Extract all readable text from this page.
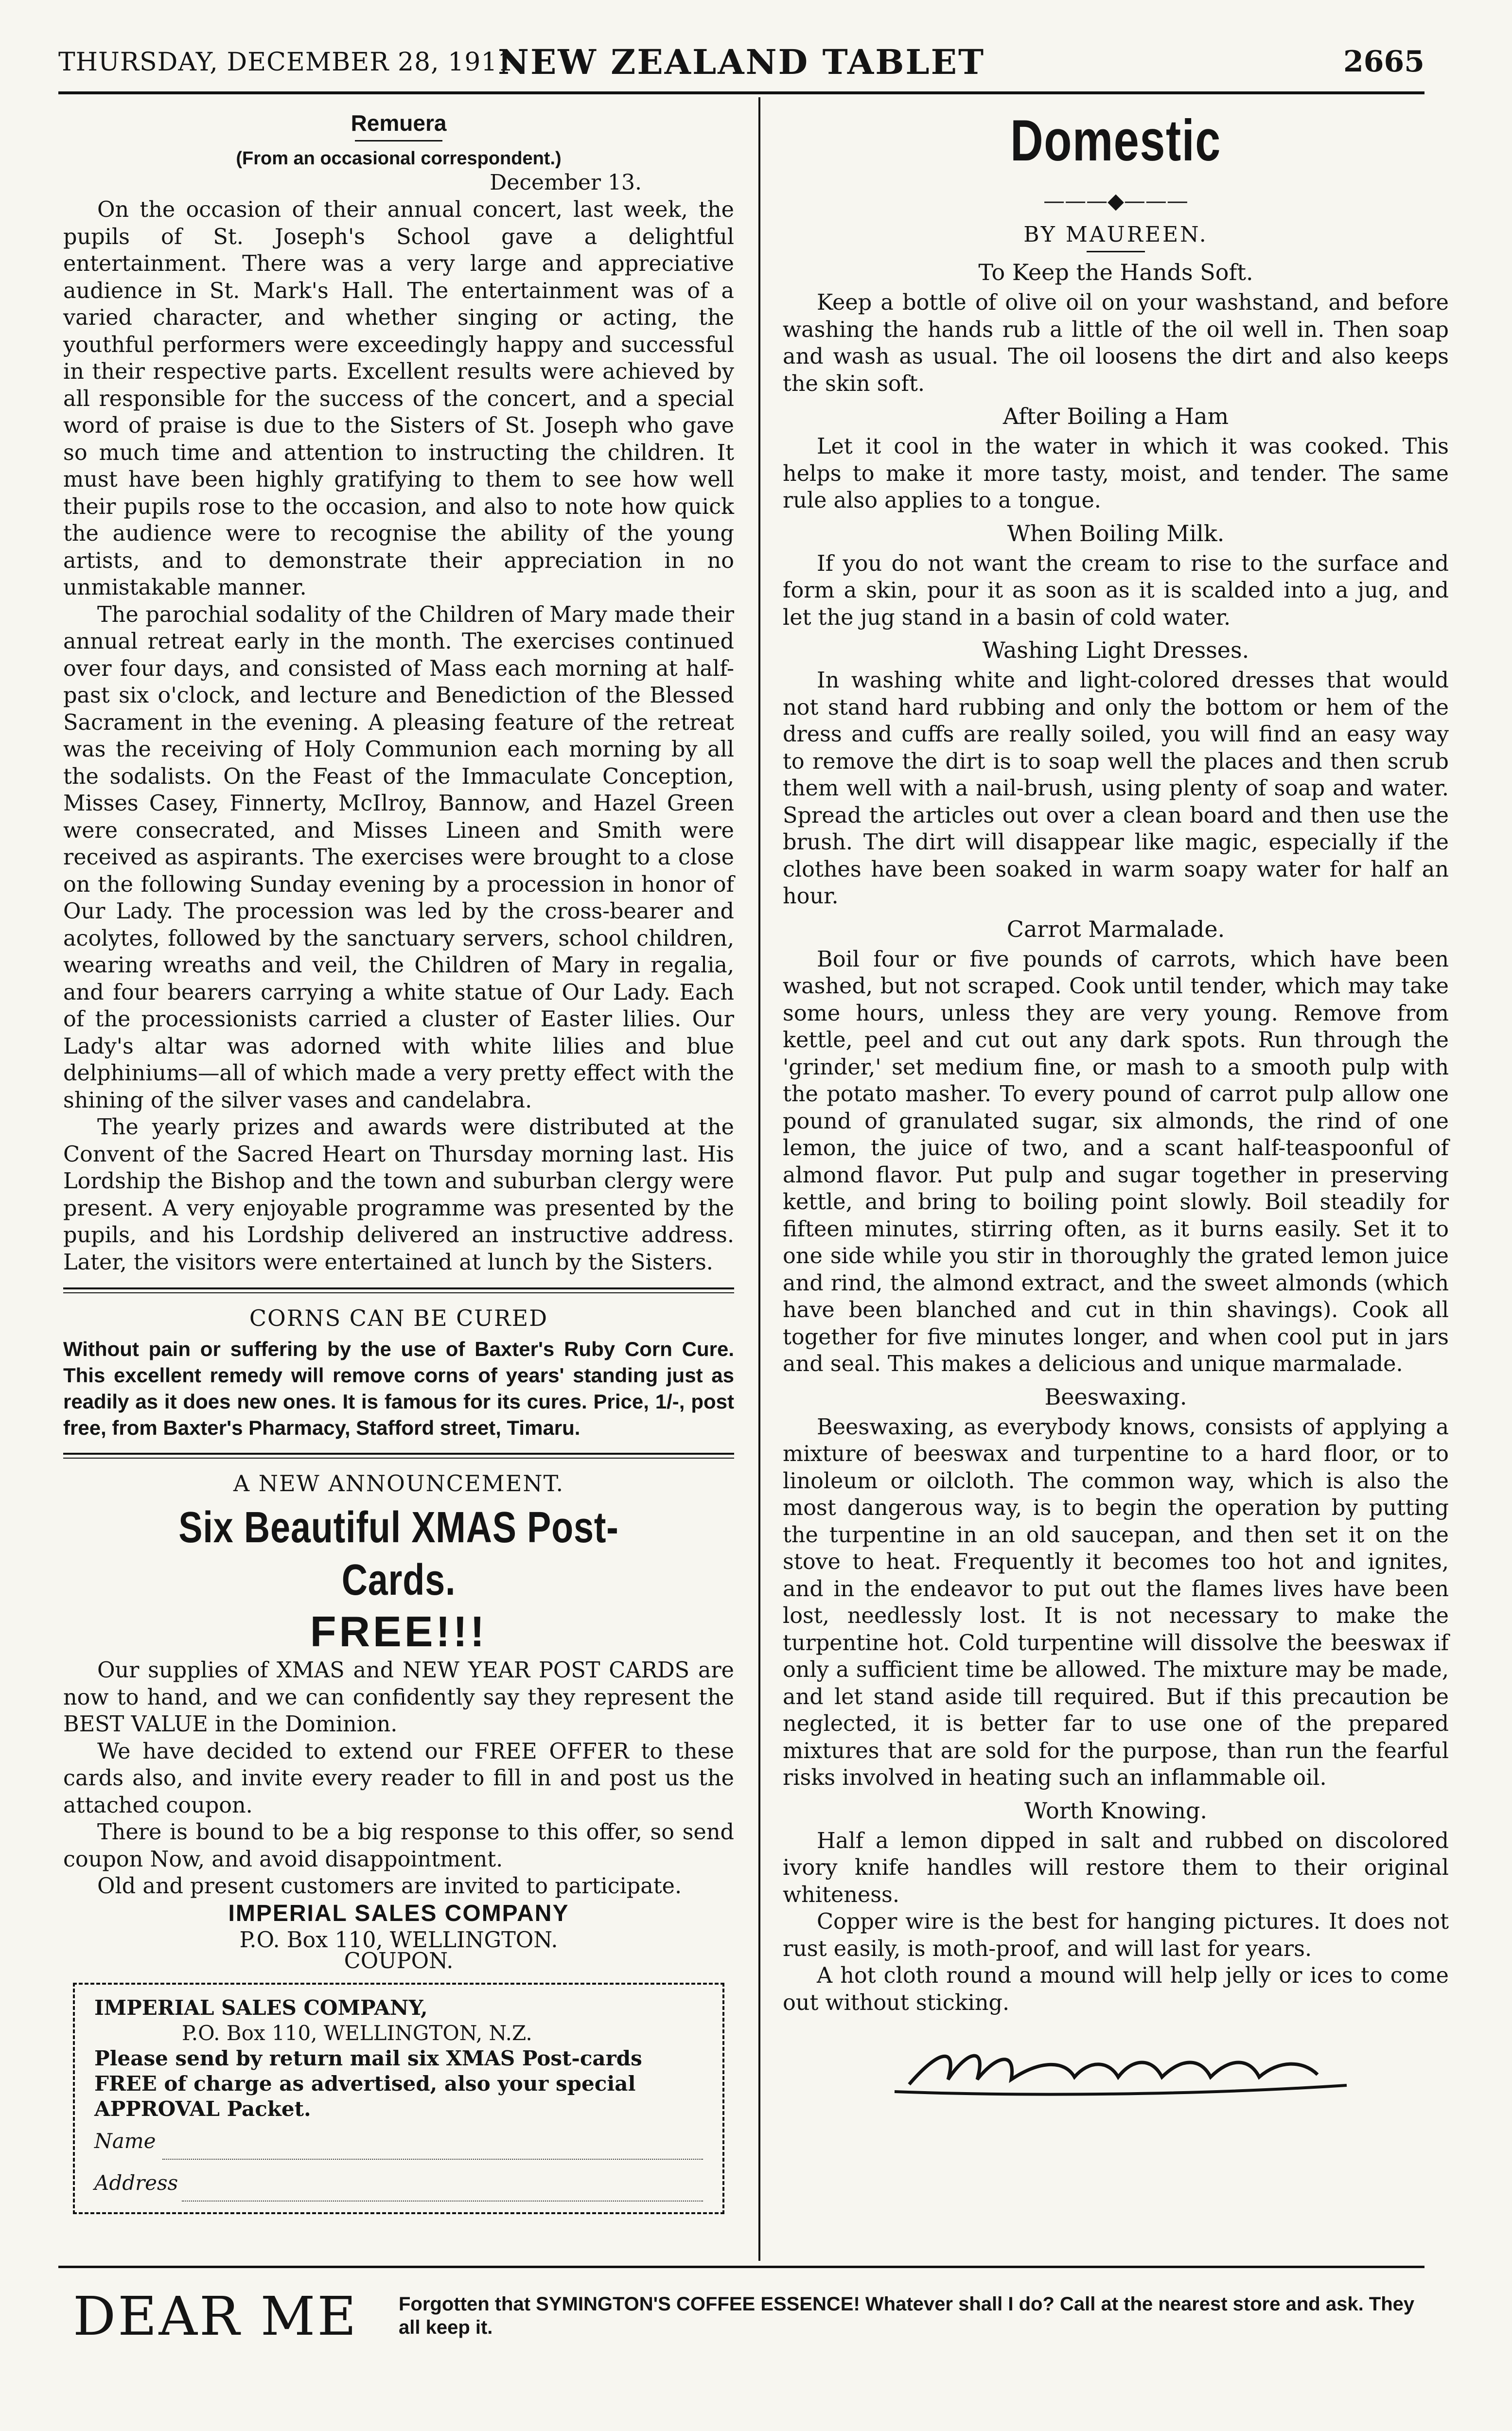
THURSDAY, DECEMBER 28, 1911.
NEW ZEALAND TABLET	2665
Remuera
(From an occasional correspondent.)
December 13.

On the occasion of their annual concert, last week, the pupils of St. Joseph's School gave a delightful entertainment. There was a very large and appreciative audience in St. Mark's Hall. The entertainment was of a varied character, and whether singing or acting, the youthful performers were exceedingly happy and successful in their respective parts. Excellent results were achieved by all responsible for the success of the concert, and a special word of praise is due to the Sisters of St. Joseph who gave so much time and attention to instructing the children. It must have been highly gratifying to them to see how well their pupils rose to the occasion, and also to note how quick the audience were to recognise the ability of the young artists, and to demonstrate their appreciation in no unmistakable manner.

The parochial sodality of the Children of Mary made their annual retreat early in the month. The exercises continued over four days, and consisted of Mass each morning at half-past six o'clock, and lecture and Benediction of the Blessed Sacrament in the evening. A pleasing feature of the retreat was the receiving of Holy Communion each morning by all the sodalists. On the Feast of the Immaculate Conception, Misses Casey, Finnerty, McIlroy, Bannow, and Hazel Green were consecrated, and Misses Lineen and Smith were received as aspirants. The exercises were brought to a close on the following Sunday evening by a procession in honor of Our Lady. The procession was led by the cross-bearer and acolytes, followed by the sanctuary servers, school children, wearing wreaths and veil, the Children of Mary in regalia, and four bearers carrying a white statue of Our Lady. Each of the processionists carried a cluster of Easter lilies. Our Lady's altar was adorned with white lilies and blue delphiniums—all of which made a very pretty effect with the shining of the silver vases and candelabra.

The yearly prizes and awards were distributed at the Convent of the Sacred Heart on Thursday morning last. His Lordship the Bishop and the town and suburban clergy were present. A very enjoyable programme was presented by the pupils, and his Lordship delivered an instructive address. Later, the visitors were entertained at lunch by the Sisters.

CORNS CAN BE CURED

Without pain or suffering by the use of Baxter's Ruby Corn Cure. This excellent remedy will remove corns of years' standing just as readily as it does new ones. It is famous for its cures. Price, 1/-, post free, from Baxter's Pharmacy, Stafford street, Timaru.

A NEW ANNOUNCEMENT.
Six Beautiful XMAS Post-Cards.
FREE!!!

Our supplies of XMAS and NEW YEAR POST CARDS are now to hand, and we can confidently say they represent the BEST VALUE in the Dominion.

We have decided to extend our FREE OFFER to these cards also, and invite every reader to fill in and post us the attached coupon.

There is bound to be a big response to this offer, so send coupon Now, and avoid disappointment.

Old and present customers are invited to participate.

IMPERIAL SALES COMPANY

P.O. Box 110, WELLINGTON.

COUPON.

IMPERIAL SALES COMPANY,

P.O. Box 110, WELLINGTON, N.Z.

Please send by return mail six XMAS Post-cards FREE of charge as advertised, also your special APPROVAL Packet.

Name

Address

Domestic
———◆———
BY MAUREEN.
To Keep the Hands Soft.

Keep a bottle of olive oil on your washstand, and before washing the hands rub a little of the oil well in. Then soap and wash as usual. The oil loosens the dirt and also keeps the skin soft.

After Boiling a Ham

Let it cool in the water in which it was cooked. This helps to make it more tasty, moist, and tender. The same rule also applies to a tongue.

When Boiling Milk.

If you do not want the cream to rise to the surface and form a skin, pour it as soon as it is scalded into a jug, and let the jug stand in a basin of cold water.

Washing Light Dresses.

In washing white and light-colored dresses that would not stand hard rubbing and only the bottom or hem of the dress and cuffs are really soiled, you will find an easy way to remove the dirt is to soap well the places and then scrub them well with a nail-brush, using plenty of soap and water. Spread the articles out over a clean board and then use the brush. The dirt will disappear like magic, especially if the clothes have been soaked in warm soapy water for half an hour.

Carrot Marmalade.

Boil four or five pounds of carrots, which have been washed, but not scraped. Cook until tender, which may take some hours, unless they are very young. Remove from kettle, peel and cut out any dark spots. Run through the 'grinder,' set medium fine, or mash to a smooth pulp with the potato masher. To every pound of carrot pulp allow one pound of granulated sugar, six almonds, the rind of one lemon, the juice of two, and a scant half-teaspoonful of almond flavor. Put pulp and sugar together in preserving kettle, and bring to boiling point slowly. Boil steadily for fifteen minutes, stirring often, as it burns easily. Set it to one side while you stir in thoroughly the grated lemon juice and rind, the almond extract, and the sweet almonds (which have been blanched and cut in thin shavings). Cook all together for five minutes longer, and when cool put in jars and seal. This makes a delicious and unique marmalade.

Beeswaxing.

Beeswaxing, as everybody knows, consists of applying a mixture of beeswax and turpentine to a hard floor, or to linoleum or oilcloth. The common way, which is also the most dangerous way, is to begin the operation by putting the turpentine in an old saucepan, and then set it on the stove to heat. Frequently it becomes too hot and ignites, and in the endeavor to put out the flames lives have been lost, needlessly lost. It is not necessary to make the turpentine hot. Cold turpentine will dissolve the beeswax if only a sufficient time be allowed. The mixture may be made, and let stand aside till required. But if this precaution be neglected, it is better far to use one of the prepared mixtures that are sold for the purpose, than run the fearful risks involved in heating such an inflammable oil.

Worth Knowing.

Half a lemon dipped in salt and rubbed on discolored ivory knife handles will restore them to their original whiteness.

Copper wire is the best for hanging pictures. It does not rust easily, is moth-proof, and will last for years.

A hot cloth round a mound will help jelly or ices to come out without sticking.

DEAR ME Forgotten that SYMINGTON'S COFFEE ESSENCE! Whatever shall I do? Call at the nearest store and ask. They all keep it.
